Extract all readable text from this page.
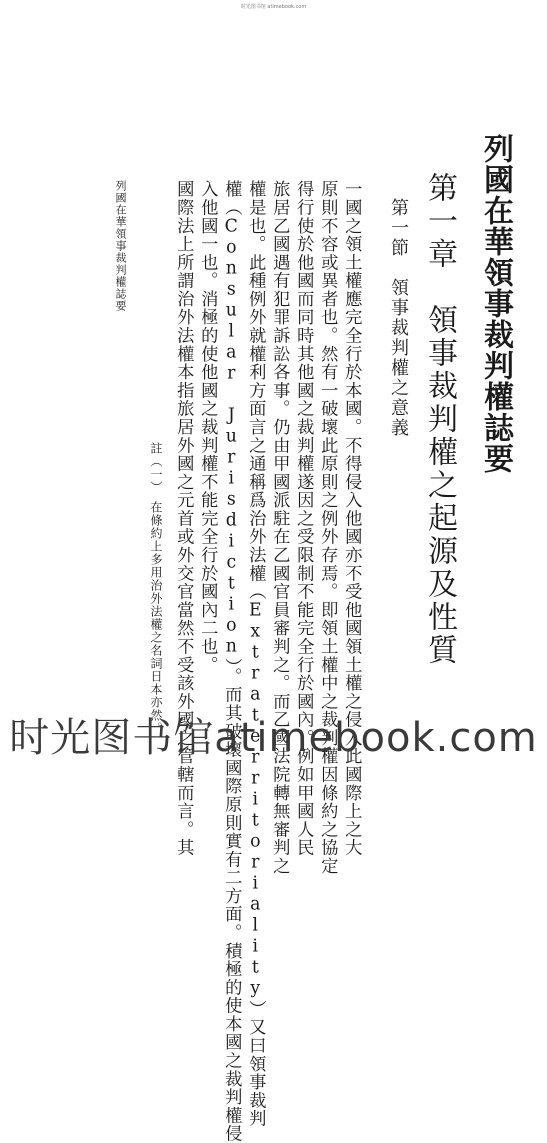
时光图书馆 atimebook.com
列國在華領事裁判權誌要
第一章　領事裁判權之起源及性質
第一節　領事裁判權之意義
一國之領土權應完全行於本國。不得侵入他國亦不受他國領土權之侵入此國際上之大
原則不容或異者也。然有一破壞此原則之例外存焉。即領土權中之裁判權因條約之協定
得行使於他國而同時其他國之裁判權遂因之受限制不能完全行於國內。例如甲國人民
旅居乙國遇有犯罪訴訟各事。仍由甲國派駐在乙國官員審判之。而乙國法院轉無審判之
權是也。此種例外就權利方面言之通稱爲治外法權（Extraterritoriality）又曰領事裁判
權（Consular Jurisdiction）。而其破壞國際原則實有二方面。積極的使本國之裁判權侵
入他國一也。消極的使他國之裁判權不能完全行於國內二也。
國際法上所謂治外法權本指旅居外國之元首或外交官當然不受該外國之管轄而言。其
註（一）　在條約上多用治外法權之名詞日本亦然。
列國在華領事裁判權誌要
时光图书馆atimebook.com
